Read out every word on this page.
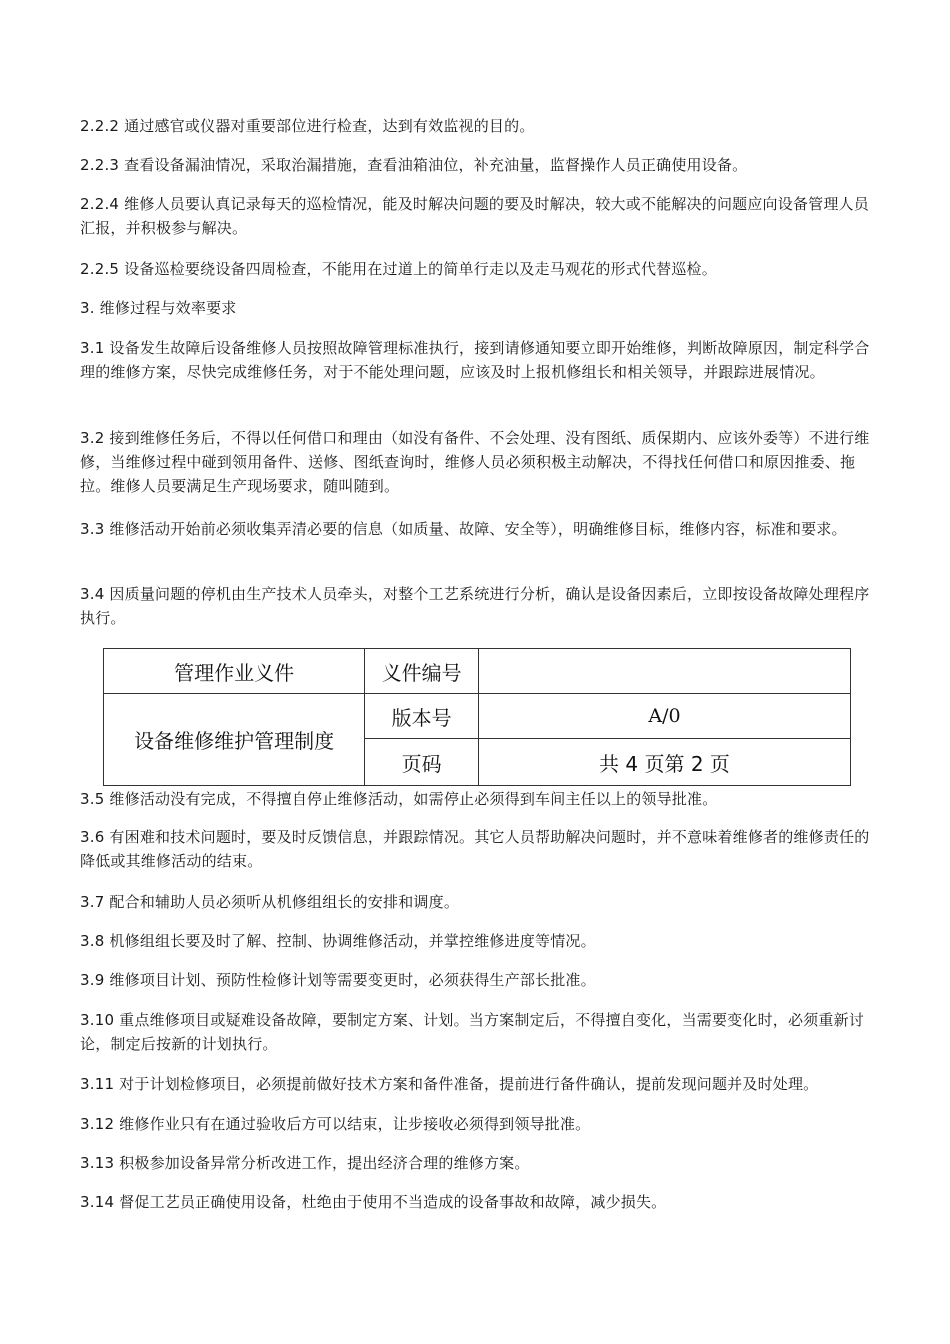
2.2.2 通过感官或仪器对重要部位进行检查，达到有效监视的目的。

2.2.3 查看设备漏油情况，采取治漏措施，查看油箱油位，补充油量，监督操作人员正确使用设备。

2.2.4 维修人员要认真记录每天的巡检情况，能及时解决问题的要及时解决，较大或不能解决的问题应向设备管理人员汇报，并积极参与解决。

2.2.5 设备巡检要绕设备四周检查，不能用在过道上的简单行走以及走马观花的形式代替巡检。

3. 维修过程与效率要求

3.1 设备发生故障后设备维修人员按照故障管理标准执行，接到请修通知要立即开始维修，判断故障原因，制定科学合理的维修方案，尽快完成维修任务，对于不能处理问题，应该及时上报机修组长和相关领导，并跟踪进展情况。

3.2 接到维修任务后，不得以任何借口和理由（如没有备件、不会处理、没有图纸、质保期内、应该外委等）不进行维修，当维修过程中碰到领用备件、送修、图纸查询时，维修人员必须积极主动解决，不得找任何借口和原因推委、拖拉。维修人员要满足生产现场要求，随叫随到。

3.3 维修活动开始前必须收集弄清必要的信息（如质量、故障、安全等），明确维修目标，维修内容，标准和要求。

3.4 因质量问题的停机由生产技术人员牵头，对整个工艺系统进行分析，确认是设备因素后，立即按设备故障处理程序执行。

管理作业义件	义件编号	
设备维修维护管理制度	版本号	A/0
	页码	共 4 页第 2 页

3.5 维修活动没有完成，不得擅自停止维修活动，如需停止必须得到车间主任以上的领导批准。

3.6 有困难和技术问题时，要及时反馈信息，并跟踪情况。其它人员帮助解决问题时，并不意味着维修者的维修责任的降低或其维修活动的结束。

3.7 配合和辅助人员必须听从机修组组长的安排和调度。

3.8 机修组组长要及时了解、控制、协调维修活动，并掌控维修进度等情况。

3.9 维修项目计划、预防性检修计划等需要变更时，必须获得生产部长批准。

3.10 重点维修项目或疑难设备故障，要制定方案、计划。当方案制定后，不得擅自变化，当需要变化时，必须重新讨论，制定后按新的计划执行。

3.11 对于计划检修项目，必须提前做好技术方案和备件准备，提前进行备件确认，提前发现问题并及时处理。

3.12 维修作业只有在通过验收后方可以结束，让步接收必须得到领导批准。

3.13 积极参加设备异常分析改进工作，提出经济合理的维修方案。

3.14 督促工艺员正确使用设备，杜绝由于使用不当造成的设备事故和故障，减少损失。
